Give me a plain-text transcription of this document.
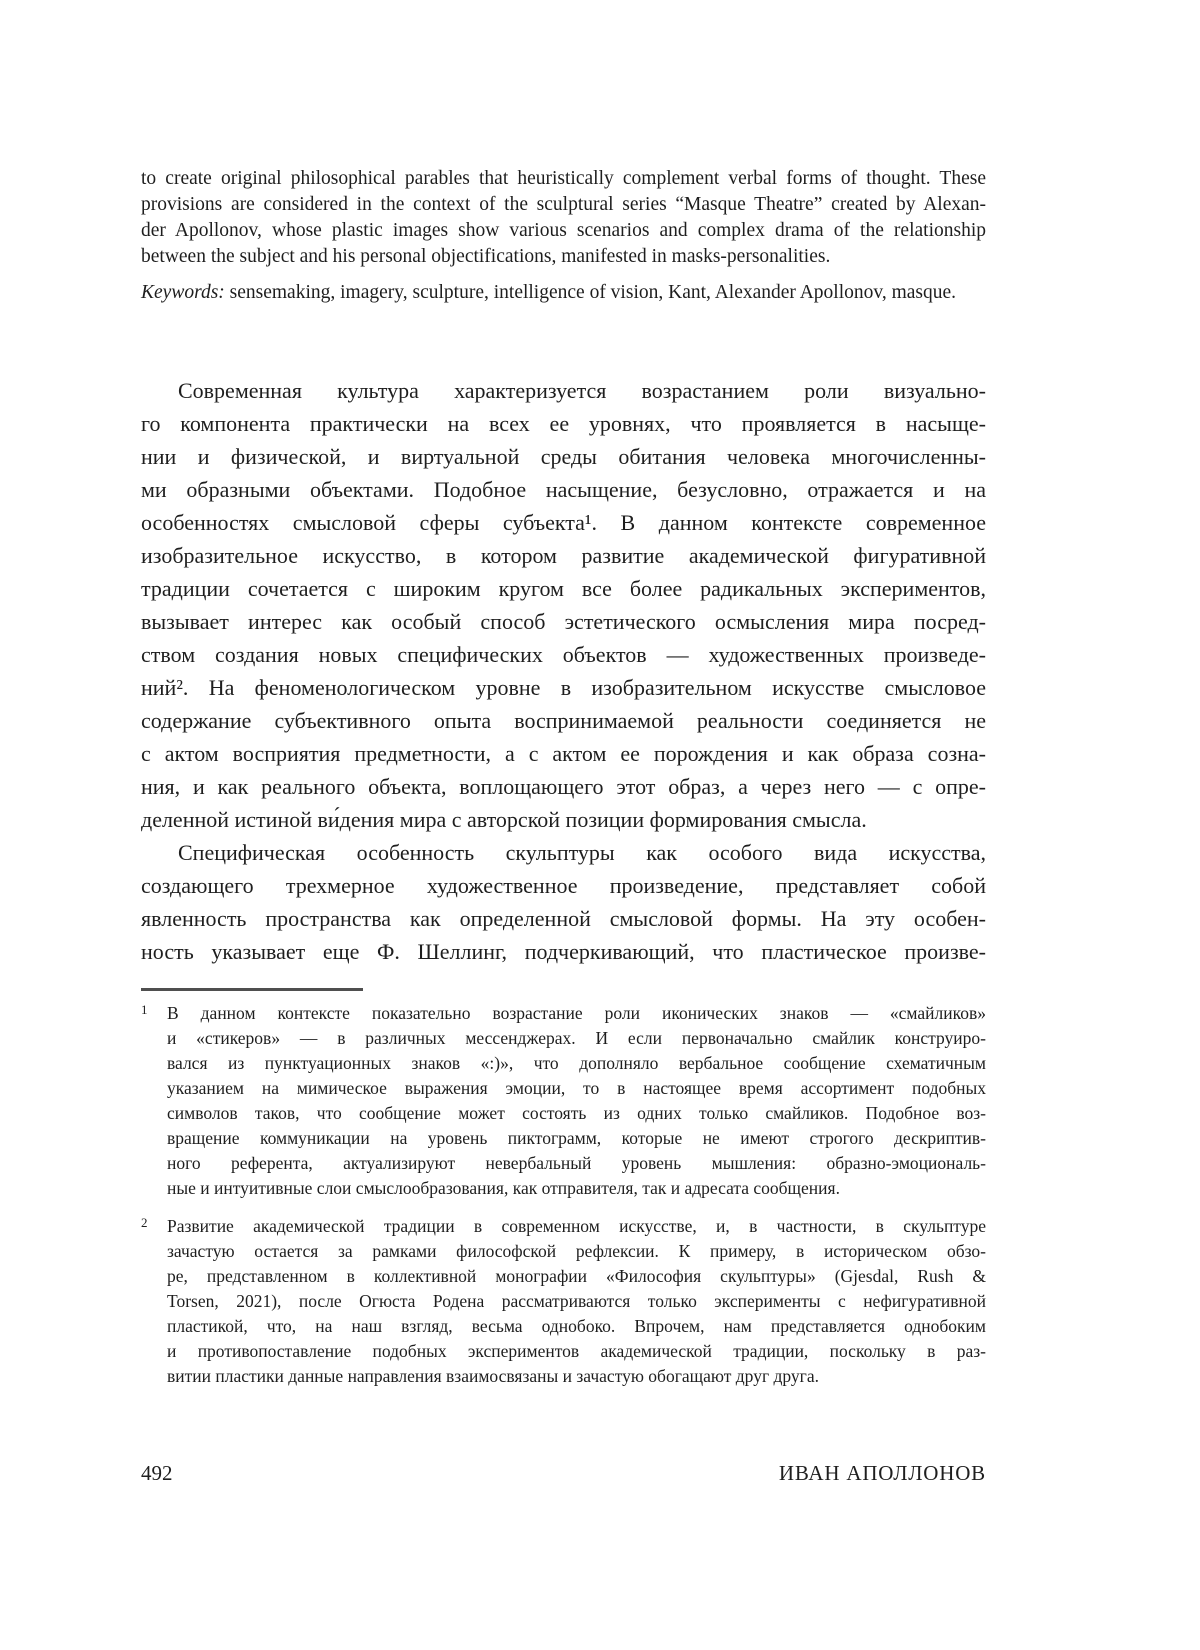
to create original philosophical parables that heuristically complement verbal forms of thought. These
provisions are considered in the context of the sculptural series “Masque Theatre” created by Alexan-
der Apollonov, whose plastic images show various scenarios and complex drama of the relationship
between the subject and his personal objectifications, manifested in masks-personalities.
Keywords: sensemaking, imagery, sculpture, intelligence of vision, Kant, Alexander Apollonov, masque.
Современная культура характеризуется возрастанием роли визуально-
го компонента практически на всех ее уровнях, что проявляется в насыще-
нии и физической, и виртуальной среды обитания человека многочисленны-
ми образными объектами. Подобное насыщение, безусловно, отражается и на
особенностях смысловой сферы субъекта¹. В данном контексте современное
изобразительное искусство, в котором развитие академической фигуративной
традиции сочетается с широким кругом все более радикальных экспериментов,
вызывает интерес как особый способ эстетического осмысления мира посред-
ством создания новых специфических объектов — художественных произведе-
ний². На феноменологическом уровне в изобразительном искусстве смысловое
содержание субъективного опыта воспринимаемой реальности соединяется не
с актом восприятия предметности, а с актом ее порождения и как образа созна-
ния, и как реального объекта, воплощающего этот образ, а через него — с опре-
деленной истиной ви́дения мира с авторской позиции формирования смысла.
Специфическая особенность скульптуры как особого вида искусства,
создающего трехмерное художественное произведение, представляет собой
явленность пространства как определенной смысловой формы. На эту особен-
ность указывает еще Ф. Шеллинг, подчеркивающий, что пластическое произве-
1 В данном контексте показательно возрастание роли иконических знаков — «смайликов»
и «стикеров» — в различных мессенджерах. И если первоначально смайлик конструиро-
вался из пунктуационных знаков «:)», что дополняло вербальное сообщение схематичным
указанием на мимическое выражения эмоции, то в настоящее время ассортимент подобных
символов таков, что сообщение может состоять из одних только смайликов. Подобное воз-
вращение коммуникации на уровень пиктограмм, которые не имеют строгого дескриптив-
ного референта, актуализируют невербальный уровень мышления: образно-эмоциональ-
ные и интуитивные слои смыслообразования, как отправителя, так и адресата сообщения.
2 Развитие академической традиции в современном искусстве, и, в частности, в скульптуре
зачастую остается за рамками философской рефлексии. К примеру, в историческом обзо-
ре, представленном в коллективной монографии «Философия скульптуры» (Gjesdal, Rush &
Torsen, 2021), после Огюста Родена рассматриваются только эксперименты с нефигуративной
пластикой, что, на наш взгляд, весьма однобоко. Впрочем, нам представляется однобоким
и противопоставление подобных экспериментов академической традиции, поскольку в раз-
витии пластики данные направления взаимосвязаны и зачастую обогащают друг друга.
492	ИВАН АПОЛЛОНОВ
